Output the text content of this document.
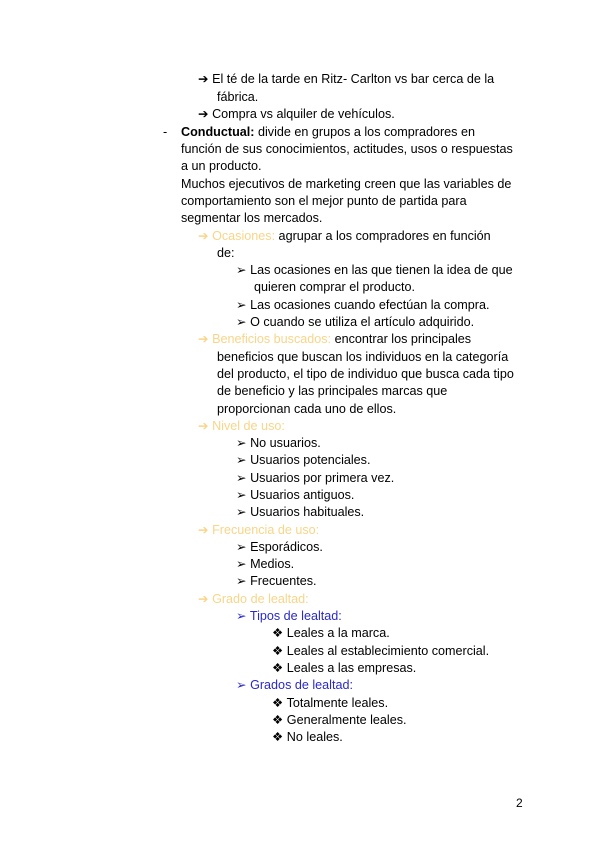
➔ El té de la tarde en Ritz- Carlton vs bar cerca de la
fábrica.
➔ Compra vs alquiler de vehículos.
- Conductual: divide en grupos a los compradores en
función de sus conocimientos, actitudes, usos o respuestas
a un producto.
Muchos ejecutivos de marketing creen que las variables de
comportamiento son el mejor punto de partida para
segmentar los mercados.
➔ Ocasiones: agrupar a los compradores en función
de:
➢ Las ocasiones en las que tienen la idea de que
quieren comprar el producto.
➢ Las ocasiones cuando efectúan la compra.
➢ O cuando se utiliza el artículo adquirido.
➔ Beneficios buscados: encontrar los principales
beneficios que buscan los individuos en la categoría
del producto, el tipo de individuo que busca cada tipo
de beneficio y las principales marcas que
proporcionan cada uno de ellos.
➔ Nivel de uso:
➢ No usuarios.
➢ Usuarios potenciales.
➢ Usuarios por primera vez.
➢ Usuarios antiguos.
➢ Usuarios habituales.
➔ Frecuencia de uso:
➢ Esporádicos.
➢ Medios.
➢ Frecuentes.
➔ Grado de lealtad:
➢ Tipos de lealtad:
❖ Leales a la marca.
❖ Leales al establecimiento comercial.
❖ Leales a las empresas.
➢ Grados de lealtad:
❖ Totalmente leales.
❖ Generalmente leales.
❖ No leales.
2
